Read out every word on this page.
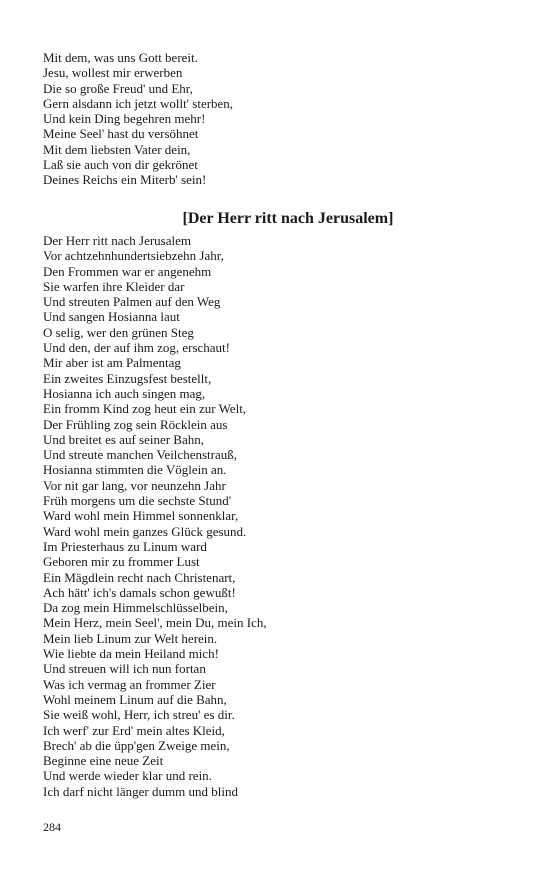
Mit dem, was uns Gott bereit.
Jesu, wollest mir erwerben
Die so große Freud' und Ehr,
Gern alsdann ich jetzt wollt' sterben,
Und kein Ding begehren mehr!
Meine Seel' hast du versöhnet
Mit dem liebsten Vater dein,
Laß sie auch von dir gekrönet
Deines Reichs ein Miterb' sein!
[Der Herr ritt nach Jerusalem]
Der Herr ritt nach Jerusalem
Vor achtzehnhundertsiebzehn Jahr,
Den Frommen war er angenehm
Sie warfen ihre Kleider dar
Und streuten Palmen auf den Weg
Und sangen Hosianna laut
O selig, wer den grünen Steg
Und den, der auf ihm zog, erschaut!
Mir aber ist am Palmentag
Ein zweites Einzugsfest bestellt,
Hosianna ich auch singen mag,
Ein fromm Kind zog heut ein zur Welt,
Der Frühling zog sein Röcklein aus
Und breitet es auf seiner Bahn,
Und streute manchen Veilchenstrauß,
Hosianna stimmten die Vöglein an.
Vor nit gar lang, vor neunzehn Jahr
Früh morgens um die sechste Stund'
Ward wohl mein Himmel sonnenklar,
Ward wohl mein ganzes Glück gesund.
Im Priesterhaus zu Linum ward
Geboren mir zu frommer Lust
Ein Mägdlein recht nach Christenart,
Ach hätt' ich's damals schon gewußt!
Da zog mein Himmelschlüsselbein,
Mein Herz, mein Seel', mein Du, mein Ich,
Mein lieb Linum zur Welt herein.
Wie liebte da mein Heiland mich!
Und streuen will ich nun fortan
Was ich vermag an frommer Zier
Wohl meinem Linum auf die Bahn,
Sie weiß wohl, Herr, ich streu' es dir.
Ich werf' zur Erd' mein altes Kleid,
Brech' ab die üpp'gen Zweige mein,
Beginne eine neue Zeit
Und werde wieder klar und rein.
Ich darf nicht länger dumm und blind
284
